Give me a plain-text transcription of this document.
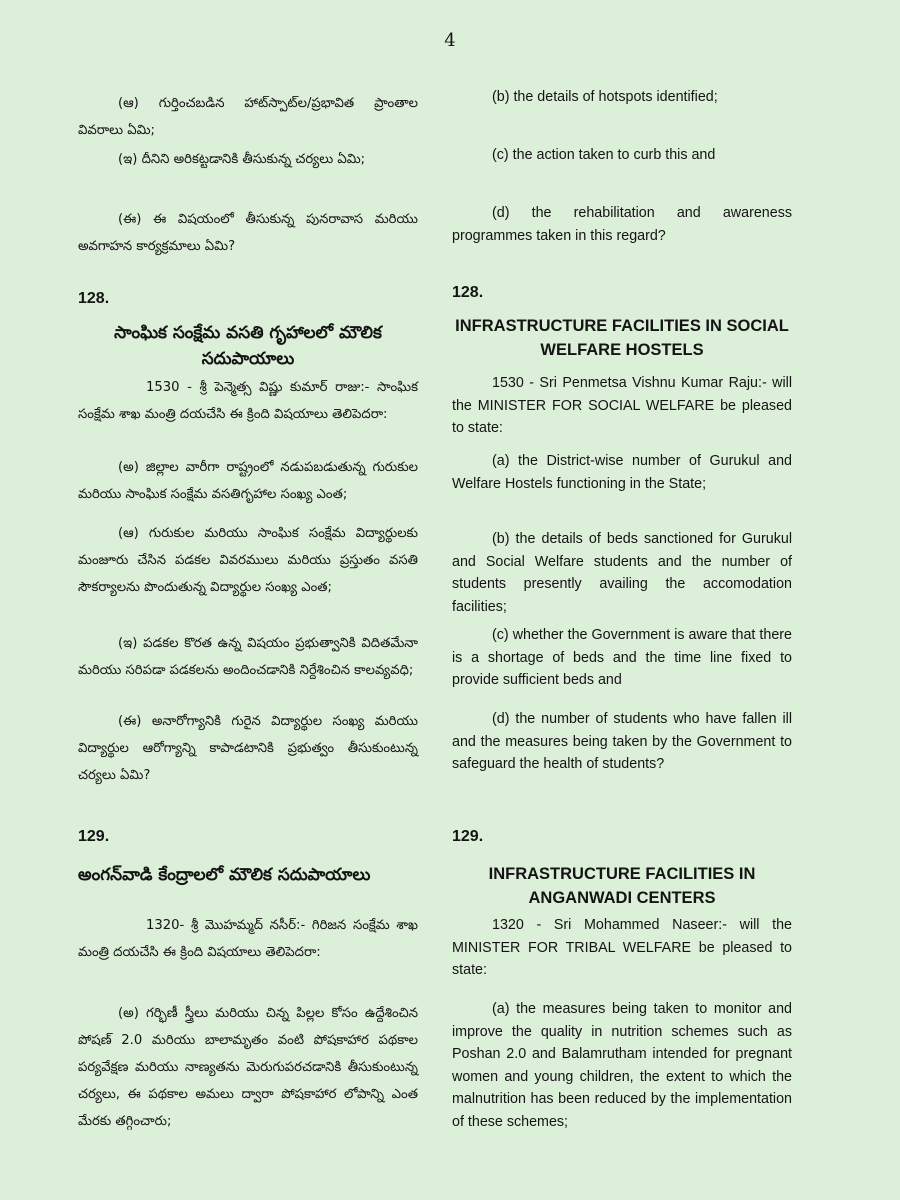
4
(ఆ) గుర్తించబడిన హాట్‌స్పాట్‌ల/ప్రభావిత ప్రాంతాల వివరాలు ఏమి;
(ఇ) దీనిని అరికట్టడానికి తీసుకున్న చర్యలు ఏమి;
(ఈ) ఈ విషయంలో తీసుకున్న పునరావాస మరియు అవగాహన కార్యక్రమాలు ఏమి?
128.
సాంఘిక సంక్షేమ వసతి గృహాలలో మౌలిక సదుపాయాలు
1530 - శ్రీ పెన్మెత్స విష్ణు కుమార్ రాజు:- సాంఘిక సంక్షేమ శాఖ మంత్రి దయచేసి ఈ క్రింది విషయాలు తెలిపెదరా:
(అ) జిల్లాల వారీగా రాష్ట్రంలో నడుపబడుతున్న గురుకుల మరియు సాంఘిక సంక్షేమ వసతిగృహాల సంఖ్య ఎంత;
(ఆ) గురుకుల మరియు సాంఘిక సంక్షేమ విద్యార్థులకు మంజూరు చేసిన పడకల వివరములు మరియు ప్రస్తుతం వసతి సౌకర్యాలను పొందుతున్న విద్యార్థుల సంఖ్య ఎంత;
(ఇ) పడకల కొరత ఉన్న విషయం ప్రభుత్వానికి విదితమేనా మరియు సరిపడా పడకలను అందించడానికి నిర్దేశించిన కాలవ్యవధి;
(ఈ) అనారోగ్యానికి గురైన విద్యార్థుల సంఖ్య మరియు విద్యార్థుల ఆరోగ్యాన్ని కాపాడటానికి ప్రభుత్వం తీసుకుంటున్న చర్యలు ఏమి?
129.
అంగన్‌వాడి కేంద్రాలలో మౌలిక సదుపాయాలు
1320- శ్రీ మొహమ్మద్ నసీర్:- గిరిజన సంక్షేమ శాఖ మంత్రి దయచేసి ఈ క్రింది విషయాలు తెలిపెదరా:
(అ) గర్భిణీ స్త్రీలు మరియు చిన్న పిల్లల కోసం ఉద్దేశించిన పోషణ్ 2.0 మరియు బాలామృతం వంటి పోషకాహార పథకాల పర్యవేక్షణ మరియు నాణ్యతను మెరుగుపరచడానికి తీసుకుంటున్న చర్యలు, ఈ పథకాల అమలు ద్వారా పోషకాహార లోపాన్ని ఎంత మేరకు తగ్గించారు;
(b) the details of hotspots identified;
(c) the action taken to curb this and
(d) the rehabilitation and awareness programmes taken in this regard?
128.
INFRASTRUCTURE FACILITIES IN SOCIAL WELFARE HOSTELS
1530 - Sri Penmetsa Vishnu Kumar Raju:- will the MINISTER FOR SOCIAL WELFARE be pleased to state:
(a) the District-wise number of Gurukul and Welfare Hostels functioning in the State;
(b) the details of beds sanctioned for Gurukul and Social Welfare students and the number of students presently availing the accomodation facilities;
(c) whether the Government is aware that there is a shortage of beds and the time line fixed to provide sufficient beds and
(d) the number of students who have fallen ill and the measures being taken by the Government to safeguard the health of students?
129.
INFRASTRUCTURE FACILITIES IN ANGANWADI CENTERS
1320 - Sri Mohammed Naseer:- will the MINISTER FOR TRIBAL WELFARE be pleased to state:
(a) the measures being taken to monitor and improve the quality in nutrition schemes such as Poshan 2.0 and Balamrutham intended for pregnant women and young children, the extent to which the malnutrition has been reduced by the implementation of these schemes;
